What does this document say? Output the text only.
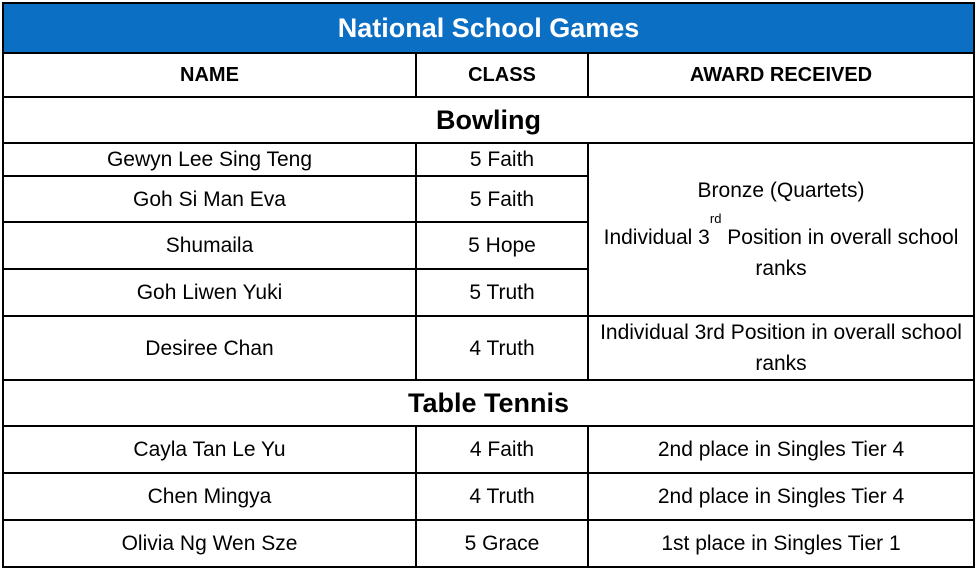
National School Games		
NAME	CLASS	AWARD RECEIVED
Bowling		
Gewyn Lee Sing Teng	5 Faith	Bronze (Quartets)
Individual 3rd Position in overall school ranks

Goh Si Man Eva	5 Faith	
Shumaila	5 Hope	
Goh Liwen Yuki	5 Truth	
Desiree Chan	4 Truth	Individual 3rd Position in overall school ranks
Table Tennis		
Cayla Tan Le Yu	4 Faith	2nd place in Singles Tier 4
Chen Mingya	4 Truth	2nd place in Singles Tier 4
Olivia Ng Wen Sze	5 Grace	1st place in Singles Tier 1
